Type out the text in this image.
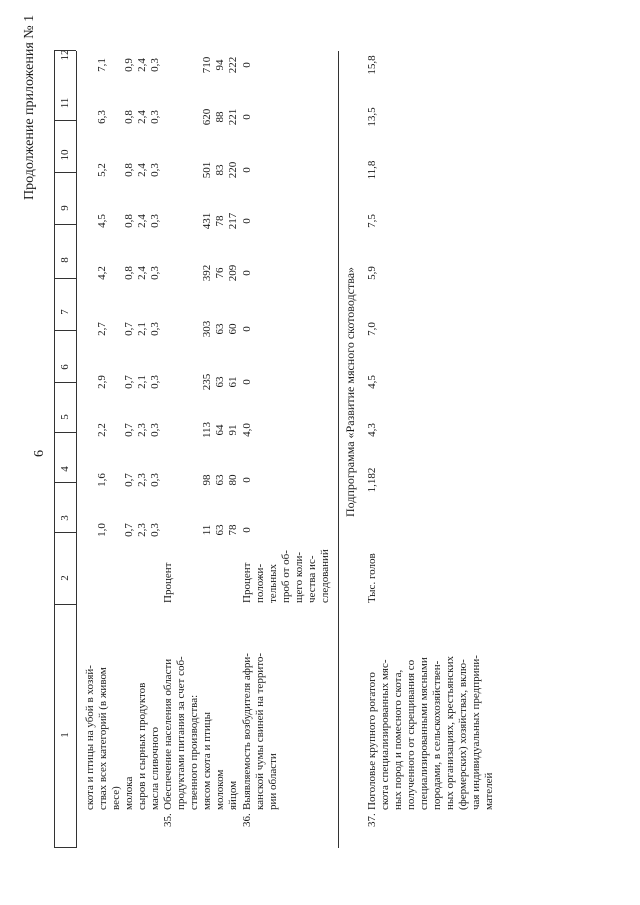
6
Продолжение приложения № 1
1
2
3
4
5
6
7
8
9
10
11
12
скота и птицы на убой в хозяй- ствах всех категорий (в живом весе) молока сыров и сырных продуктов масла сливочного
1,0
1,6
2,2
2,9
2,7
4,2
4,5
5,2
6,3
7,1
0,7 2,3 0,3
0,7 2,3 0,3
0,7 2,3 0,3
0,7 2,1 0,3
0,7 2,1 0,3
0,8 2,4 0,3
0,8 2,4 0,3
0,8 2,4 0,3
0,8 2,4 0,3
0,9 2,4 0,3
35.
Обеспечение населения области продуктами питания за счет соб- ственного производства:
Процент
мясом скота и птицы молоком яйцом
11 63 78
98 63 80
113 64 91
235 63 61
303 63 60
392 76 209
431 78 217
501 83 220
620 88 221
710 94 222
36.
Выявляемость возбудителя афри- канской чумы свиней на террито- рии области
Процент положи- тельных проб от об- щего коли- чества ис- следований
0
0
4,0
0
0
0
0
0
0
0
Подпрограмма «Развитие мясного скотоводства»
37.
Поголовье крупного рогатого скота специализированных мяс- ных пород и помесного скота, полученного от скрещивания со специализированными мясными породами, в сельскохозяйствен- ных организациях, крестьянских (фермерских) хозяйствах, вклю- чая индивидуальных предприни- мателей
Тыс. голов
1,182
4,3
4,5
7,0
5,9
7,5
11,8
13,5
15,8
